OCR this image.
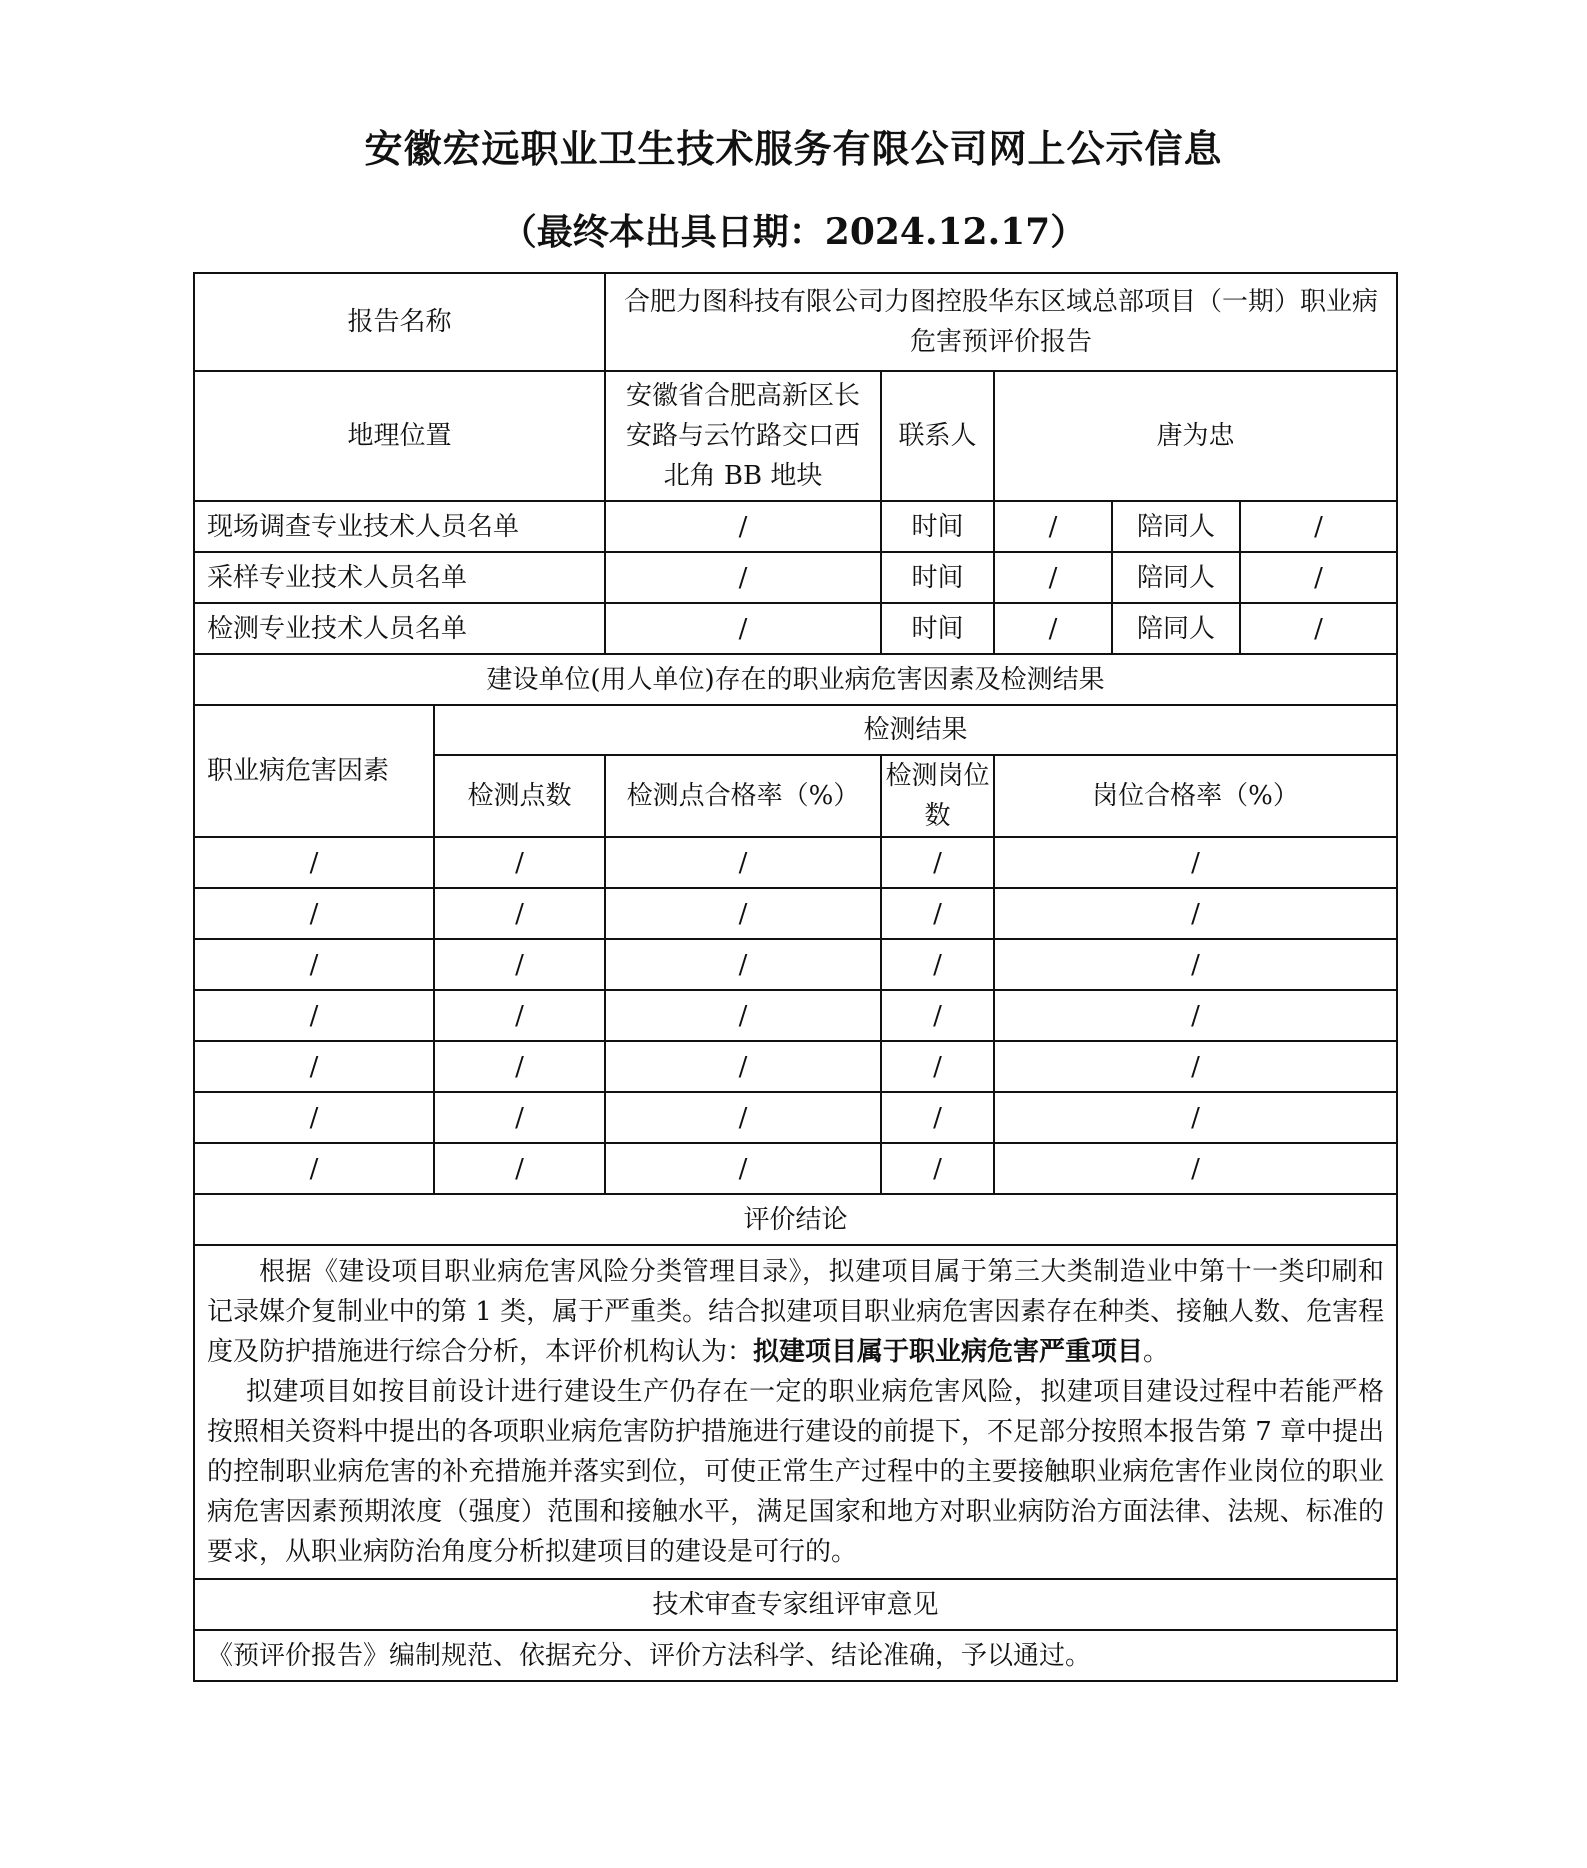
安徽宏远职业卫生技术服务有限公司网上公示信息
（最终本出具日期：2024.12.17）
报告名称		合肥力图科技有限公司力图控股华东区域总部项目（一期）职业病危害预评价报告				
地理位置		安徽省合肥高新区长安路与云竹路交口西北角 BB 地块	联系人	唐为忠		
现场调查专业技术人员名单		/	时间	/	陪同人	/
采样专业技术人员名单		/	时间	/	陪同人	/
检测专业技术人员名单		/	时间	/	陪同人	/
建设单位(用人单位)存在的职业病危害因素及检测结果						
职业病危害因素	检测结果					
	检测点数	检测点合格率（%）	检测岗位数	岗位合格率（%）		
/	/	/	/	/		
/	/	/	/	/		
/	/	/	/	/		
/	/	/	/	/		
/	/	/	/	/		
/	/	/	/	/		
/	/	/	/	/		
评价结论						

根据《建设项目职业病危害风险分类管理目录》，拟建项目属于第三大类制造业中第十一类印刷和记录媒介复制业中的第 1 类，属于严重类。结合拟建项目职业病危害因素存在种类、接触人数、危害程度及防护措施进行综合分析，本评价机构认为：拟建项目属于职业病危害严重项目。

拟建项目如按目前设计进行建设生产仍存在一定的职业病危害风险，拟建项目建设过程中若能严格按照相关资料中提出的各项职业病危害防护措施进行建设的前提下，不足部分按照本报告第 7 章中提出的控制职业病危害的补充措施并落实到位，可使正常生产过程中的主要接触职业病危害作业岗位的职业病危害因素预期浓度（强度）范围和接触水平，满足国家和地方对职业病防治方面法律、法规、标准的要求，从职业病防治角度分析拟建项目的建设是可行的。						

技术审查专家组评审意见						
《预评价报告》编制规范、依据充分、评价方法科学、结论准确，予以通过。						
